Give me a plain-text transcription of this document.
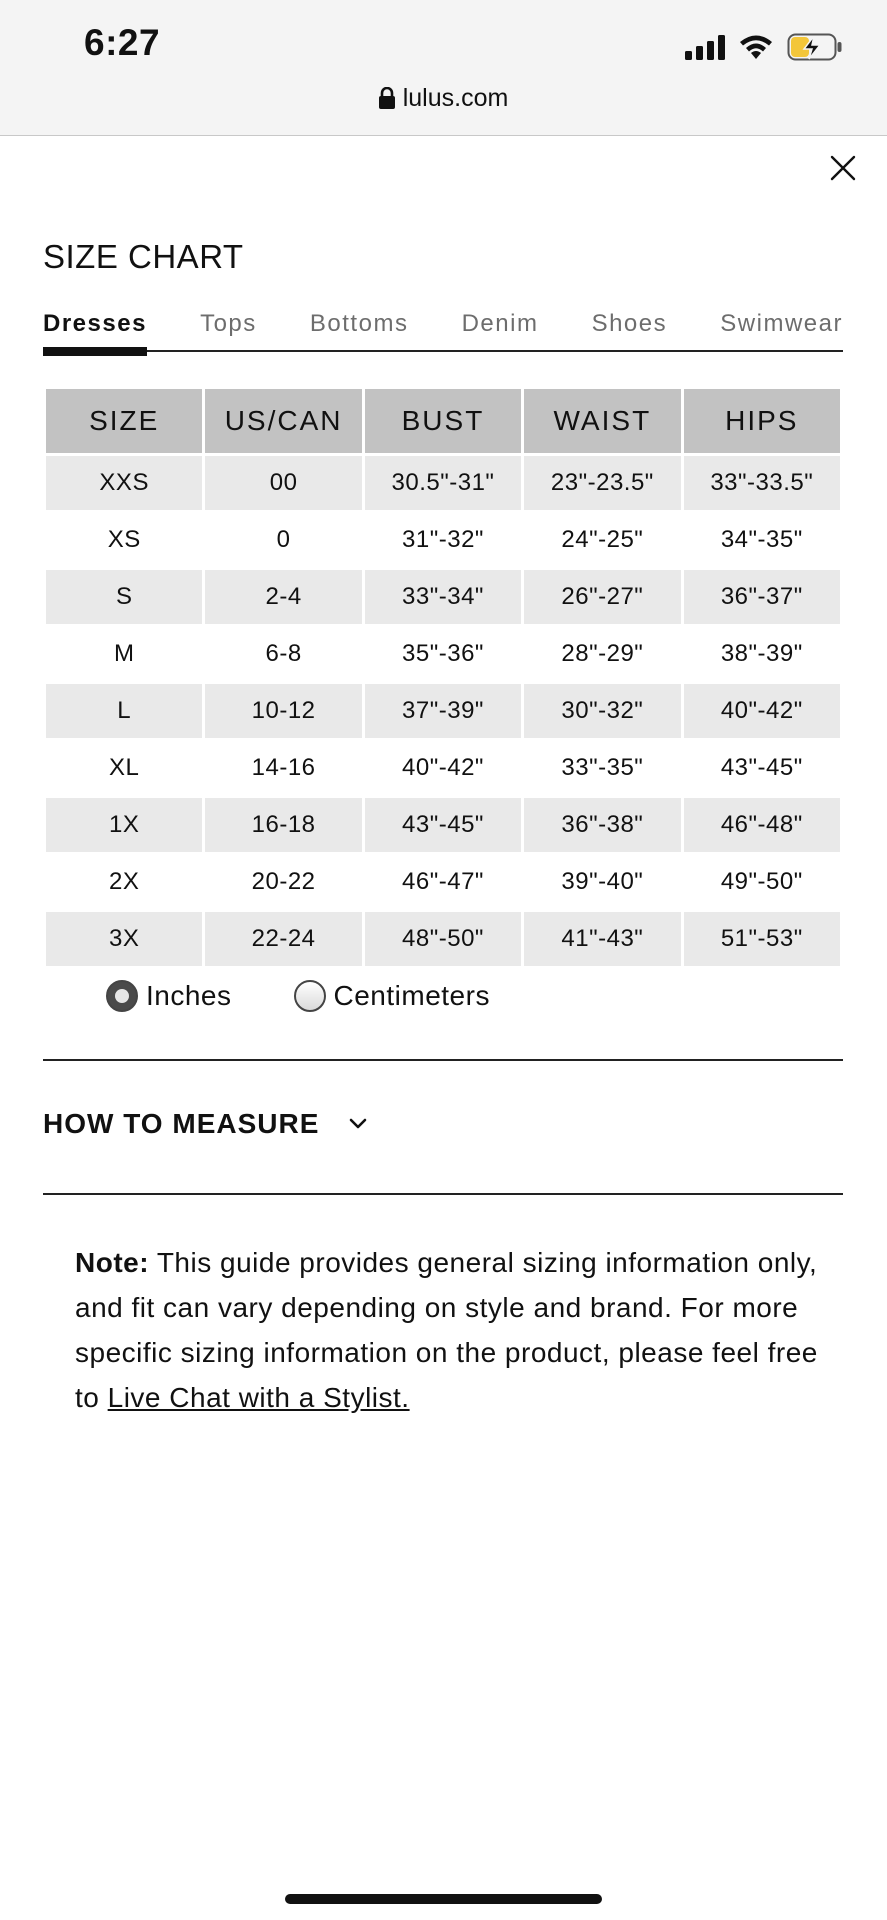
6:27
lulus.com
SIZE CHART
Dresses Tops Bottoms Denim Shoes Swimwear
SIZE	US/CAN	BUST	WAIST	HIPS
XXS	00	30.5"-31"	23"-23.5"	33"-33.5"
XS	0	31"-32"	24"-25"	34"-35"
S	2-4	33"-34"	26"-27"	36"-37"
M	6-8	35"-36"	28"-29"	38"-39"
L	10-12	37"-39"	30"-32"	40"-42"
XL	14-16	40"-42"	33"-35"	43"-45"
1X	16-18	43"-45"	36"-38"	46"-48"
2X	20-22	46"-47"	39"-40"	49"-50"
3X	22-24	48"-50"	41"-43"	51"-53"
Inches	Centimeters
HOW TO MEASURE

Note: This guide provides general sizing information only, and fit can vary depending on style and brand. For more specific sizing information on the product, please feel free to Live Chat with a Stylist.
